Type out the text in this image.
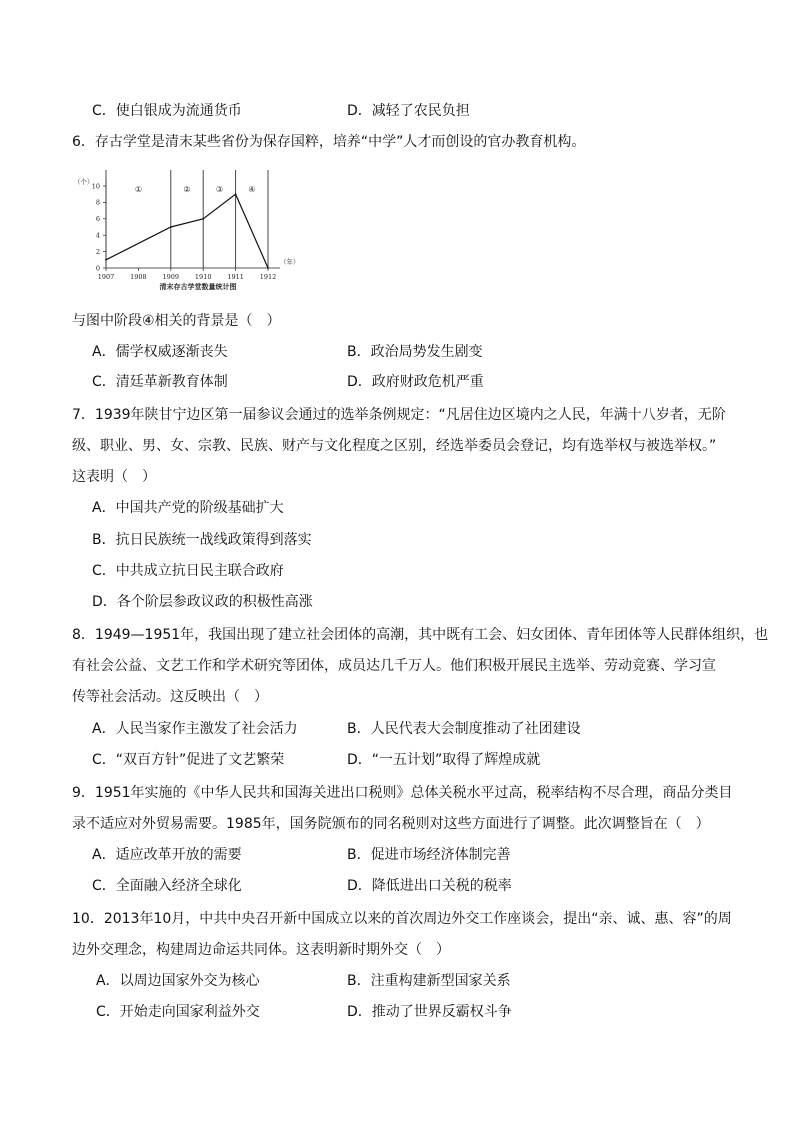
C．使白银成为流通货币	D．减轻了农民负担
6．存古学堂是清末某些省份为保存国粹，培养“中学”人才而创设的官办教育机构。
0
2
4
6
8
10
1907 1908 1909 1910 1911 1912
①	②	③	④
（个）
（年）
清末存古学堂数量统计图
与图中阶段④相关的背景是（　）
A．儒学权威逐渐丧失	B．政治局势发生剧变
C．清廷革新教育体制	D．政府财政危机严重
7．1939年陕甘宁边区第一届参议会通过的选举条例规定：“凡居住边区境内之人民，年满十八岁者，无阶
级、职业、男、女、宗教、民族、财产与文化程度之区别，经选举委员会登记，均有选举权与被选举权。”
这表明（　）
A．中国共产党的阶级基础扩大
B．抗日民族统一战线政策得到落实
C．中共成立抗日民主联合政府
D．各个阶层参政议政的积极性高涨
8．1949—1951年，我国出现了建立社会团体的高潮，其中既有工会、妇女团体、青年团体等人民群体组织，也
有社会公益、文艺工作和学术研究等团体，成员达几千万人。他们积极开展民主选举、劳动竞赛、学习宣
传等社会活动。这反映出（　）
A．人民当家作主激发了社会活力	B．人民代表大会制度推动了社团建设
C．“双百方针”促进了文艺繁荣	D．“一五计划”取得了辉煌成就
9．1951年实施的《中华人民共和国海关进出口税则》总体关税水平过高，税率结构不尽合理，商品分类目
录不适应对外贸易需要。1985年，国务院颁布的同名税则对这些方面进行了调整。此次调整旨在（　）
A．适应改革开放的需要	B．促进市场经济体制完善
C．全面融入经济全球化	D．降低进出口关税的税率
10．2013年10月，中共中央召开新中国成立以来的首次周边外交工作座谈会，提出“亲、诚、惠、容”的周
边外交理念，构建周边命运共同体。这表明新时期外交（　）
A．以周边国家外交为核心	B．注重构建新型国家关系
C．开始走向国家利益外交	D．推动了世界反霸权斗争
